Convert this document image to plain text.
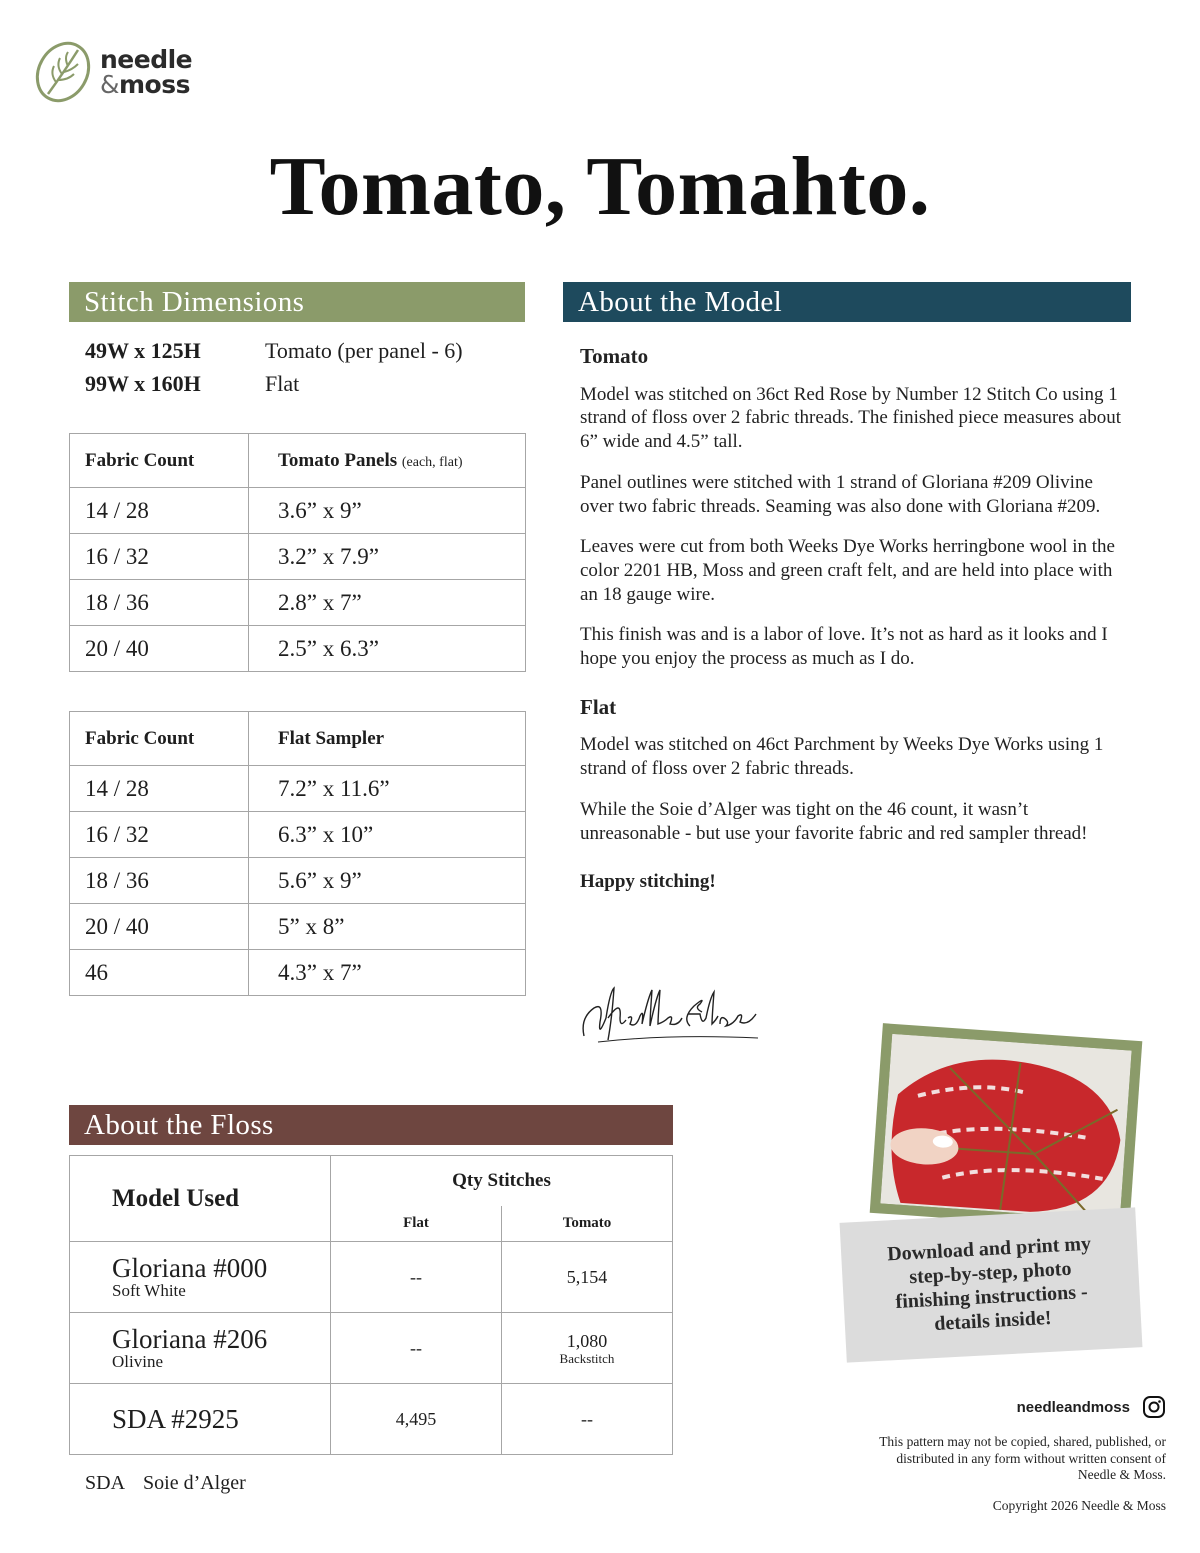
needle
&moss
Tomato, Tomahto.
Stitch Dimensions
49W x 125H	Tomato (per panel - 6)
99W x 160H	Flat
Fabric Count	Tomato Panels (each, flat)
14 / 28	3.6” x 9”
16 / 32	3.2” x 7.9”
18 / 36	2.8” x 7”
20 / 40	2.5” x 6.3”
Fabric Count	Flat Sampler
14 / 28	7.2” x 11.6”
16 / 32	6.3” x 10”
18 / 36	5.6” x 9”
20 / 40	5” x 8”
46	4.3” x 7”
About the Model
Tomato

Model was stitched on 36ct Red Rose by Number 12 Stitch Co using 1 strand of floss over 2 fabric threads. The finished piece measures about 6” wide and 4.5” tall.

Panel outlines were stitched with 1 strand of Gloriana #209 Olivine over two fabric threads. Seaming was also done with Gloriana #209.

Leaves were cut from both Weeks Dye Works herringbone wool in the color 2201 HB, Moss and green craft felt, and are held into place with an 18 gauge wire.

This finish was and is a labor of love. It’s not as hard as it looks and I hope you enjoy the process as much as I do.

Flat

Model was stitched on 46ct Parchment by Weeks Dye Works using 1 strand of floss over 2 fabric threads.

While the Soie d’Alger was tight on the 46 count, it wasn’t unreasonable - but use your favorite fabric and red sampler thread!

Happy stitching!

About the Floss
Model Used	Qty Stitches	
	Flat	Tomato

Gloriana #000
Soft White	--	5,154

Gloriana #206
Olivine	--	1,080
Backstitch

SDA #2925	4,495	--
SDA Soie d’Alger
Download and print my step-by-step, photo finishing instructions - details inside!
needleandmoss
This pattern may not be copied, shared, published, or distributed in any form without written consent of Needle & Moss.
Copyright 2026 Needle & Moss
